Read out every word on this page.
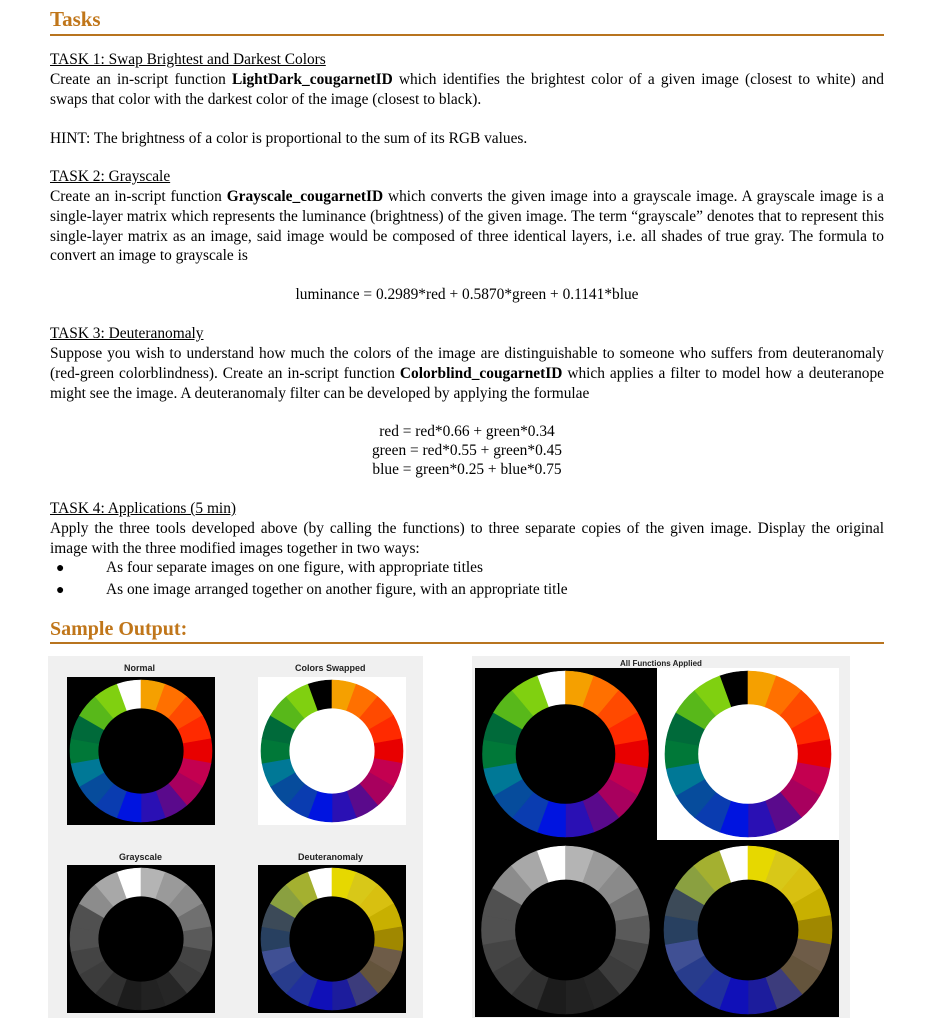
Tasks
TASK 1: Swap Brightest and Darkest Colors
Create an in-script function LightDark_cougarnetID which identifies the brightest color of a given image (closest to white) and swaps that color with the darkest color of the image (closest to black).
HINT: The brightness of a color is proportional to the sum of its RGB values.
TASK 2: Grayscale
Create an in-script function Grayscale_cougarnetID which converts the given image into a grayscale image. A grayscale image is a single-layer matrix which represents the luminance (brightness) of the given image. The term “grayscale” denotes that to represent this single-layer matrix as an image, said image would be composed of three identical layers, i.e. all shades of true gray. The formula to convert an image to grayscale is
luminance = 0.2989*red + 0.5870*green + 0.1141*blue
TASK 3: Deuteranomaly
Suppose you wish to understand how much the colors of the image are distinguishable to someone who suffers from deuteranomaly (red-green colorblindness). Create an in-script function Colorblind_cougarnetID which applies a filter to model how a deuteranope might see the image. A deuteranomaly filter can be developed by applying the formulae
red = red*0.66 + green*0.34
green = red*0.55 + green*0.45
blue = green*0.25 + blue*0.75
TASK 4: Applications (5 min)
Apply the three tools developed above (by calling the functions) to three separate copies of the given image. Display the original image with the three modified images together in two ways:
●	As four separate images on one figure, with appropriate titles
●	As one image arranged together on another figure, with an appropriate title
Sample Output:
Normal	Colors Swapped
Grayscale	Deuteranomaly
All Functions Applied
